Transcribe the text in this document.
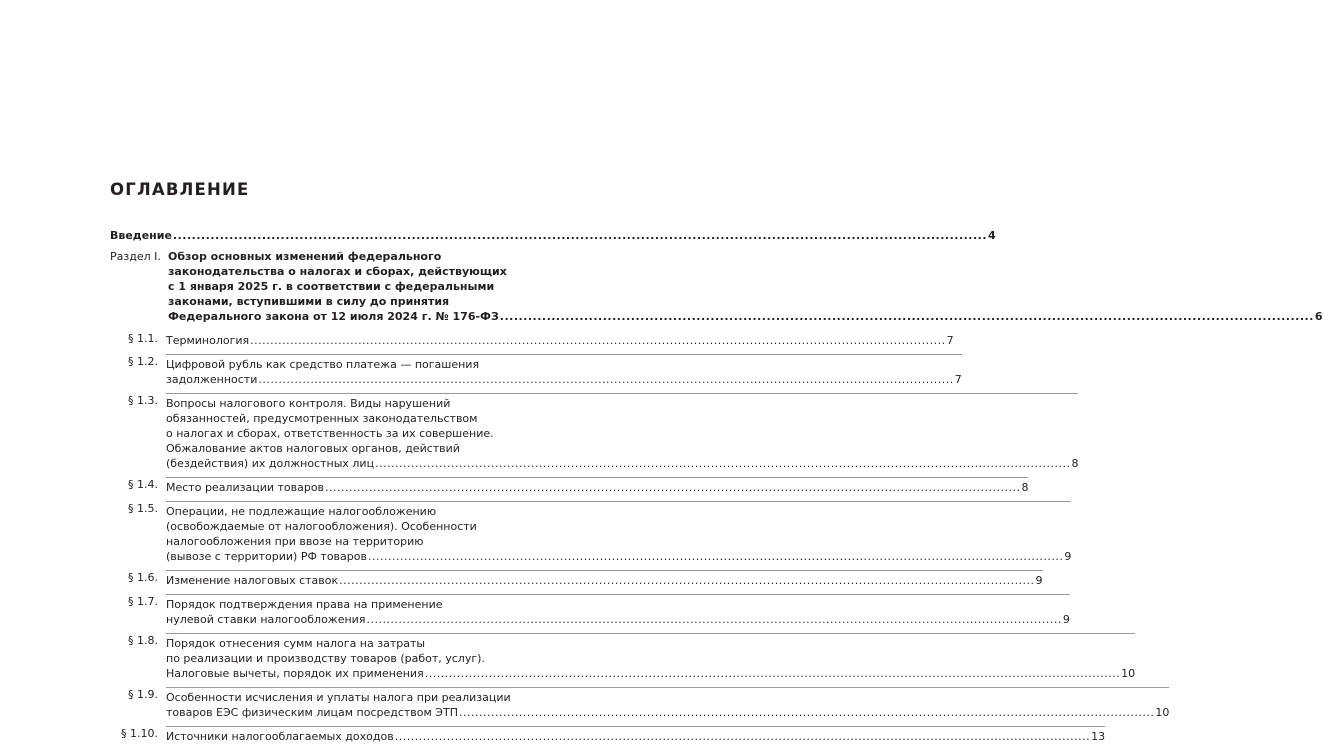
ОГЛАВЛЕНИЕ
Введение .....	4
Раздел I. Обзор основных изменений федерального
законодательства о налогах и сборах, действующих
с 1 января 2025 г. в соответствии с федеральными
законами, вступившими в силу до принятия
Федерального закона от 12 июля 2024 г. № 176-ФЗ .....	6
§ 1.1. Терминология .....	7
§ 1.2. Цифровой рубль как средство платежа — погашения
задолженности .....	7
§ 1.3. Вопросы налогового контроля. Виды нарушений
обязанностей, предусмотренных законодательством
о налогах и сборах, ответственность за их совершение.
Обжалование актов налоговых органов, действий
(бездействия) их должностных лиц .....	8
§ 1.4. Место реализации товаров .....	8
§ 1.5. Операции, не подлежащие налогообложению
(освобождаемые от налогообложения). Особенности
налогообложения при ввозе на территорию
(вывозе с территории) РФ товаров .....	9
§ 1.6. Изменение налоговых ставок .....	9
§ 1.7. Порядок подтверждения права на применение
нулевой ставки налогообложения .....	9
§ 1.8. Порядок отнесения сумм налога на затраты
по реализации и производству товаров (работ, услуг).
Налоговые вычеты, порядок их применения .....	10
§ 1.9. Особенности исчисления и уплаты налога при реализации
товаров ЕЭС физическим лицам посредством ЭТП .....	10
§ 1.10. Источники налогооблагаемых доходов .....	13
